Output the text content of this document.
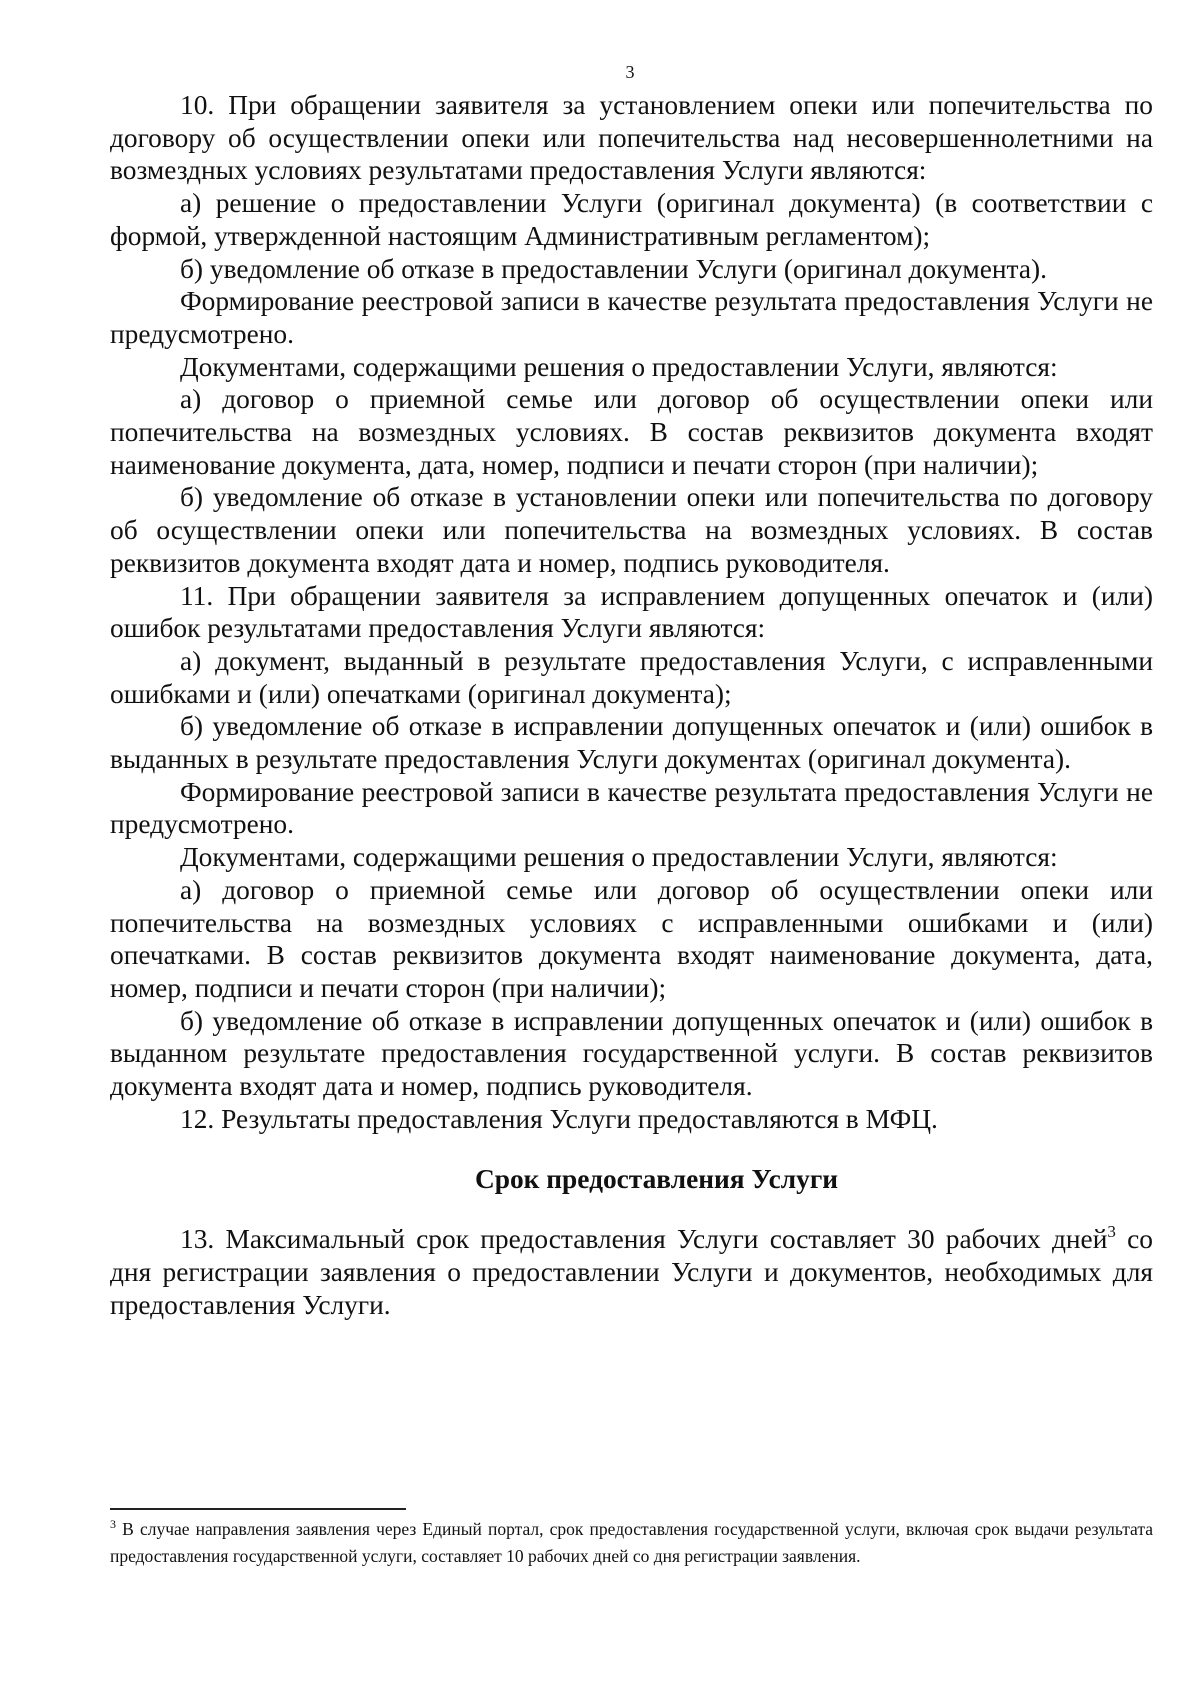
3

10. При обращении заявителя за установлением опеки или попечительства по договору об осуществлении опеки или попечительства над несовершеннолетними на возмездных условиях результатами предоставления Услуги являются:

а) решение о предоставлении Услуги (оригинал документа) (в соответствии с формой, утвержденной настоящим Административным регламентом);

б) уведомление об отказе в предоставлении Услуги (оригинал документа).

Формирование реестровой записи в качестве результата предоставления Услуги не предусмотрено.

Документами, содержащими решения о предоставлении Услуги, являются:

а) договор о приемной семье или договор об осуществлении опеки или попечительства на возмездных условиях. В состав реквизитов документа входят наименование документа, дата, номер, подписи и печати сторон (при наличии);

б) уведомление об отказе в установлении опеки или попечительства по договору об осуществлении опеки или попечительства на возмездных условиях. В состав реквизитов документа входят дата и номер, подпись руководителя.

11. При обращении заявителя за исправлением допущенных опечаток и (или) ошибок результатами предоставления Услуги являются:

а) документ, выданный в результате предоставления Услуги, с исправленными ошибками и (или) опечатками (оригинал документа);

б) уведомление об отказе в исправлении допущенных опечаток и (или) ошибок в выданных в результате предоставления Услуги документах (оригинал документа).

Формирование реестровой записи в качестве результата предоставления Услуги не предусмотрено.

Документами, содержащими решения о предоставлении Услуги, являются:

а) договор о приемной семье или договор об осуществлении опеки или попечительства на возмездных условиях с исправленными ошибками и (или) опечатками. В состав реквизитов документа входят наименование документа, дата, номер, подписи и печати сторон (при наличии);

б) уведомление об отказе в исправлении допущенных опечаток и (или) ошибок в выданном результате предоставления государственной услуги. В состав реквизитов документа входят дата и номер, подпись руководителя.

12. Результаты предоставления Услуги предоставляются в МФЦ.

Срок предоставления Услуги

13. Максимальный срок предоставления Услуги составляет 30 рабочих дней$^3$ со дня регистрации заявления о предоставлении Услуги и документов, необходимых для предоставления Услуги.

$^3$ В случае направления заявления через Единый портал, срок предоставления государственной услуги, включая срок выдачи результата предоставления государственной услуги, составляет 10 рабочих дней со дня регистрации заявления.
